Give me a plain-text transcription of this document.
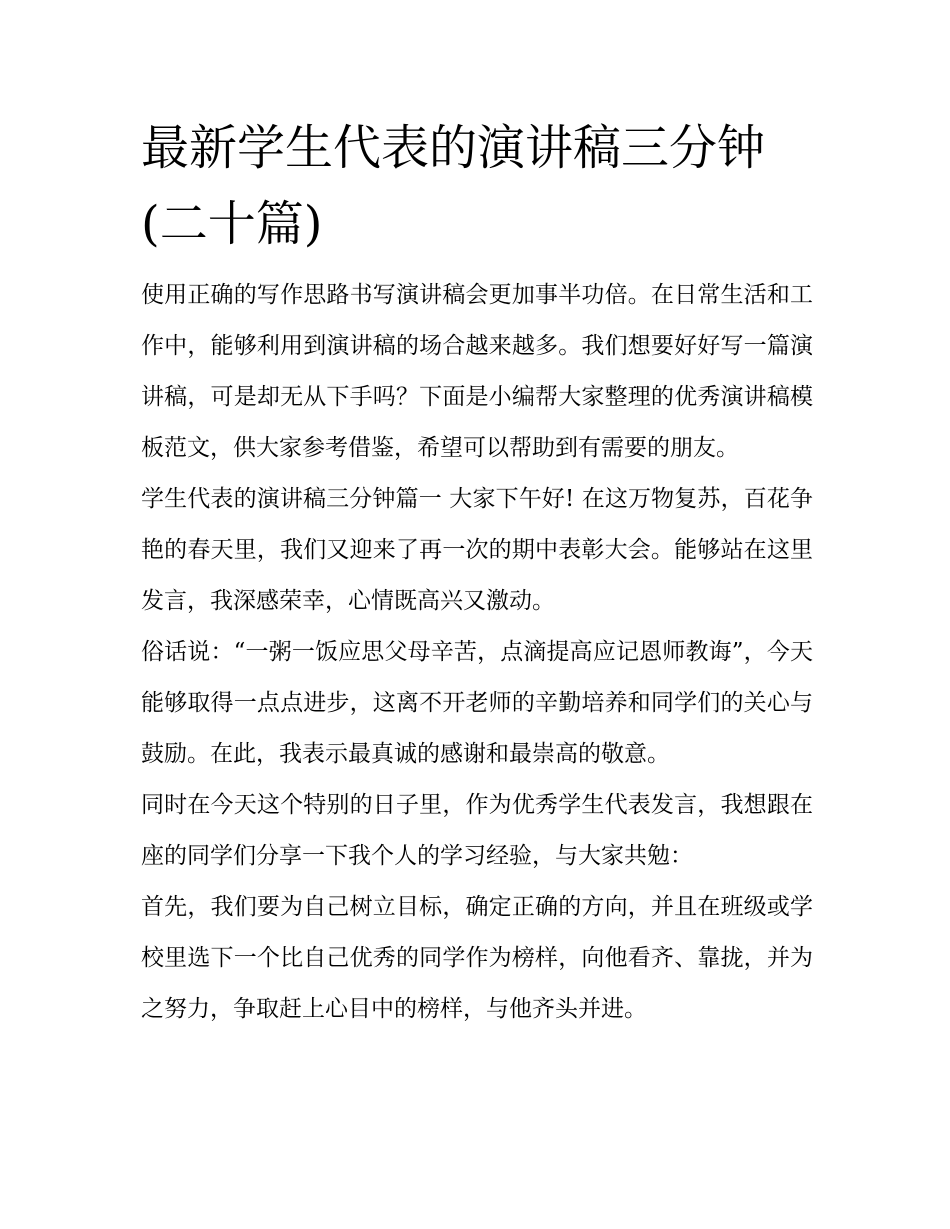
最新学生代表的演讲稿三分钟(二十篇)

使用正确的写作思路书写演讲稿会更加事半功倍。在日常生活和工作中，能够利用到演讲稿的场合越来越多。我们想要好好写一篇演讲稿，可是却无从下手吗？下面是小编帮大家整理的优秀演讲稿模板范文，供大家参考借鉴，希望可以帮助到有需要的朋友。

学生代表的演讲稿三分钟篇一 大家下午好! 在这万物复苏，百花争艳的春天里，我们又迎来了再一次的期中表彰大会。能够站在这里发言，我深感荣幸，心情既高兴又激动。

俗话说：“一粥一饭应思父母辛苦，点滴提高应记恩师教诲”，今天能够取得一点点进步，这离不开老师的辛勤培养和同学们的关心与鼓励。在此，我表示最真诚的感谢和最崇高的敬意。

同时在今天这个特别的日子里，作为优秀学生代表发言，我想跟在座的同学们分享一下我个人的学习经验，与大家共勉：

首先，我们要为自己树立目标，确定正确的方向，并且在班级或学校里选下一个比自己优秀的同学作为榜样，向他看齐、靠拢，并为之努力，争取赶上心目中的榜样，与他齐头并进。
